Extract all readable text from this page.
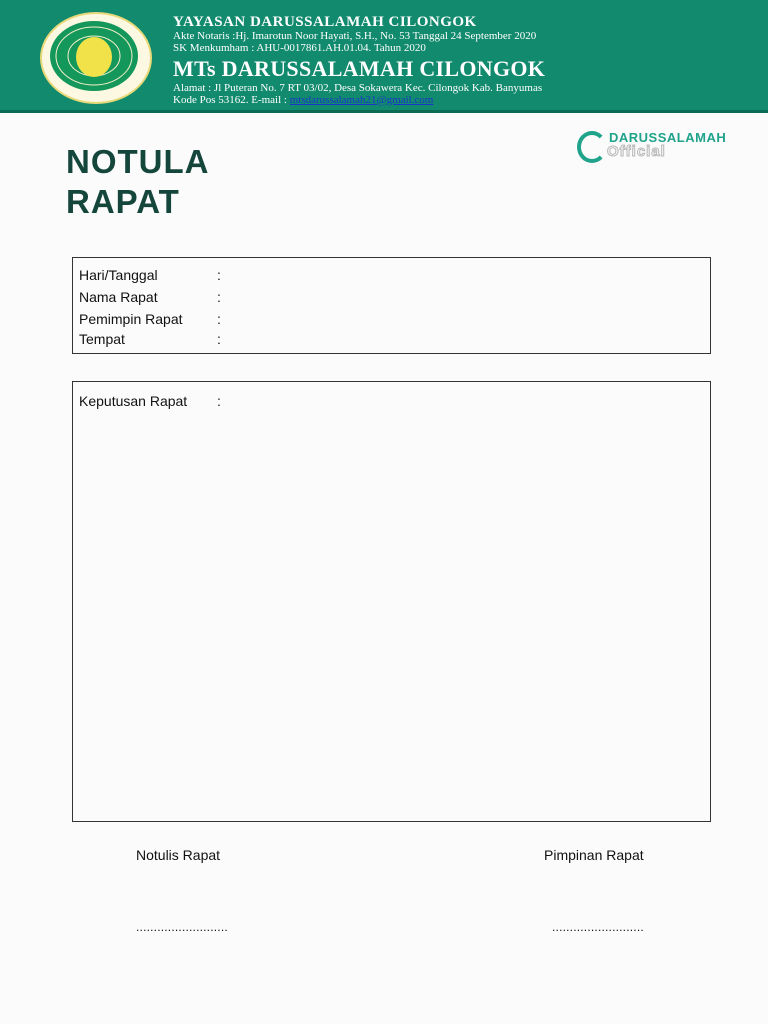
YAYASAN DARUSSALAMAH CILONGOK
Akte Notaris :Hj. Imarotun Noor Hayati, S.H., No. 53 Tanggal 24 September 2020
SK Menkumham : AHU-0017861.AH.01.04. Tahun 2020
MTs DARUSSALAMAH CILONGOK
Alamat : Jl Puteran No. 7 RT 03/02, Desa Sokawera Kec. Cilongok Kab. Banyumas
Kode Pos 53162. E-mail : mtsdarussalamah21@gmail.com
NOTULA
RAPAT
DARUSSALAMAH
Official
Hari/Tanggal	:
Nama Rapat	:
Pemimpin Rapat :
Tempat	:
Keputusan Rapat :
Notulis Rapat	Pimpinan Rapat
..........................	..........................
